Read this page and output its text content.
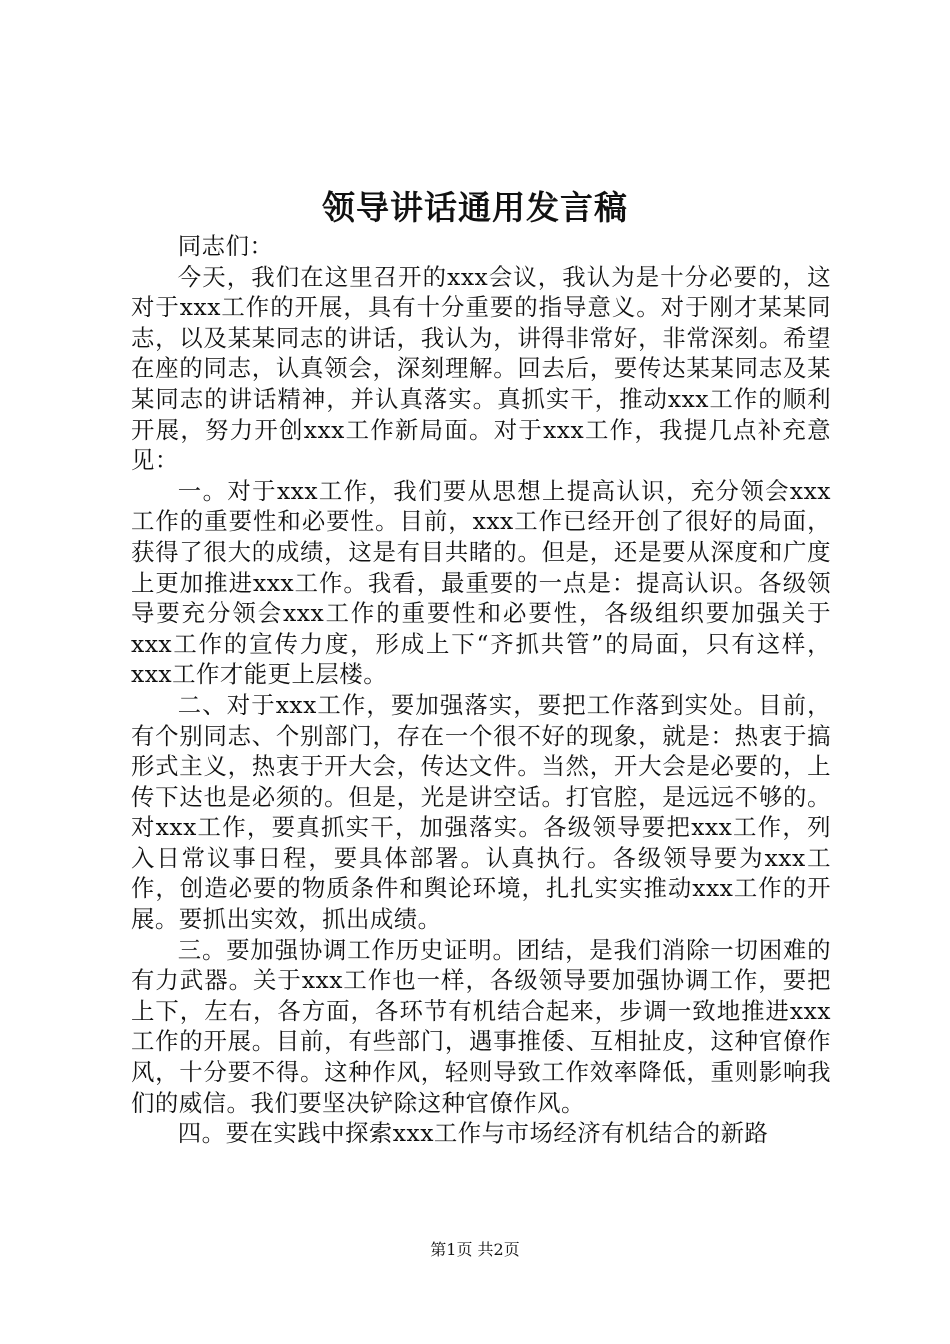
领导讲话通用发言稿

同志们：

今天，我们在这里召开的xxx会议，我认为是十分必要的，这对于xxx工作的开展，具有十分重要的指导意义。对于刚才某某同志，以及某某同志的讲话，我认为，讲得非常好，非常深刻。希望在座的同志，认真领会，深刻理解。回去后，要传达某某同志及某某同志的讲话精神，并认真落实。真抓实干，推动xxx工作的顺利开展，努力开创xxx工作新局面。对于xxx工作，我提几点补充意见：

一。对于xxx工作，我们要从思想上提高认识，充分领会xxx工作的重要性和必要性。目前，xxx工作已经开创了很好的局面，获得了很大的成绩，这是有目共睹的。但是，还是要从深度和广度上更加推进xxx工作。我看，最重要的一点是：提高认识。各级领导要充分领会xxx工作的重要性和必要性，各级组织要加强关于xxx工作的宣传力度，形成上下“齐抓共管”的局面，只有这样，xxx工作才能更上层楼。

二、对于xxx工作，要加强落实，要把工作落到实处。目前，有个别同志、个别部门，存在一个很不好的现象，就是：热衷于搞形式主义，热衷于开大会，传达文件。当然，开大会是必要的，上传下达也是必须的。但是，光是讲空话。打官腔，是远远不够的。对xxx工作，要真抓实干，加强落实。各级领导要把xxx工作，列入日常议事日程，要具体部署。认真执行。各级领导要为xxx工作，创造必要的物质条件和舆论环境，扎扎实实推动xxx工作的开展。要抓出实效，抓出成绩。

三。要加强协调工作历史证明。团结，是我们消除一切困难的有力武器。关于xxx工作也一样，各级领导要加强协调工作，要把上下，左右，各方面，各环节有机结合起来，步调一致地推进xxx工作的开展。目前，有些部门，遇事推倭、互相扯皮，这种官僚作风，十分要不得。这种作风，轻则导致工作效率降低，重则影响我们的威信。我们要坚决铲除这种官僚作风。

四。要在实践中探索xxx工作与市场经济有机结合的新路

第1页 共2页
